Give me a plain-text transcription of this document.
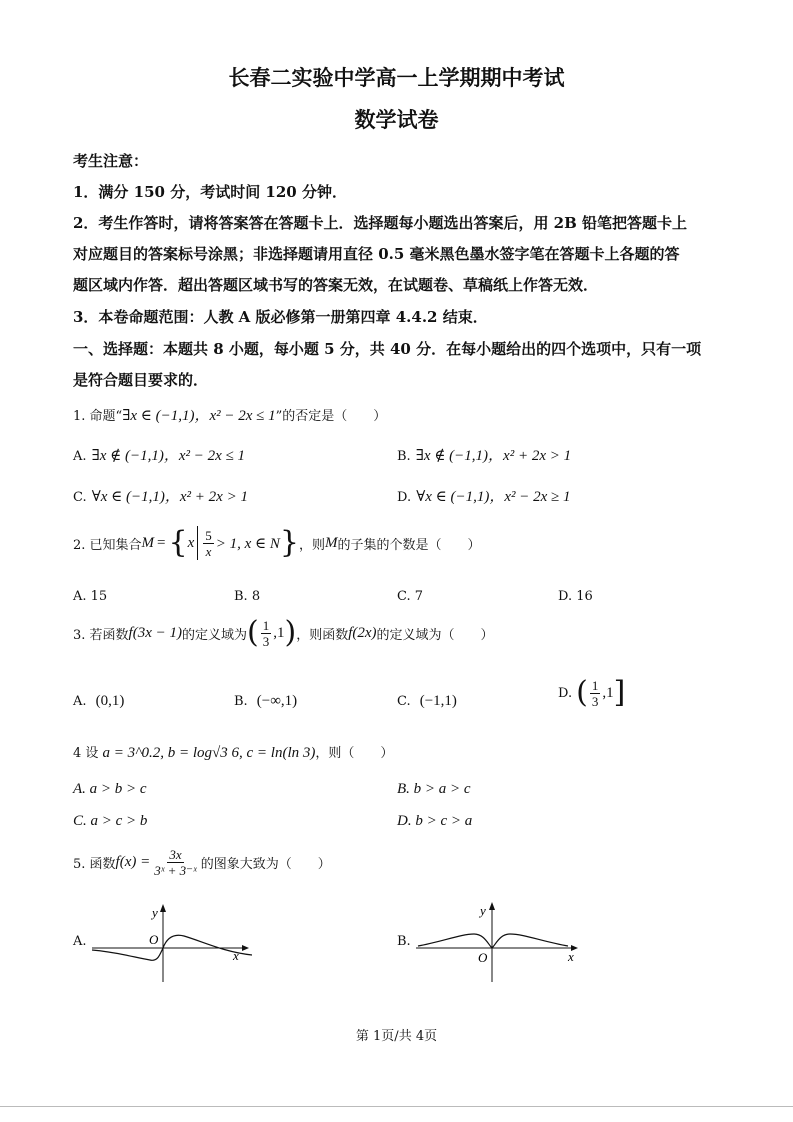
长春二实验中学高一上学期期中考试
数学试卷
考生注意：
1．满分 150 分，考试时间 120 分钟．
2．考生作答时，请将答案答在答题卡上．选择题每小题选出答案后，用 2B 铅笔把答题卡上
对应题目的答案标号涂黑；非选择题请用直径 0.5 毫米黑色墨水签字笔在答题卡上各题的答
题区域内作答．超出答题区域书写的答案无效，在试题卷、草稿纸上作答无效．
3．本卷命题范围：人教 A 版必修第一册第四章 4.4.2 结束．
一、选择题：本题共 8 小题，每小题 5 分，共 40 分．在每小题给出的四个选项中，只有一项
是符合题目要求的．
1. 命题“∃x ∈ (−1,1)，x² − 2x ≤ 1”的否定是（　　）
A. ∃x ∉ (−1,1)，x² − 2x ≤ 1	B. ∃x ∉ (−1,1)，x² + 2x > 1
C. ∀x ∈ (−1,1)，x² + 2x > 1	D. ∀x ∈ (−1,1)，x² − 2x ≥ 1
2. 已知集合 M = { x $\frac{5}{x} > 1$, x ∈ N } ，则 M 的子集的个数是（　　）
A. 15	B. 8	C. 7	D. 16
3. 若函数 f(3x − 1) 的定义域为 ( $\frac{1}{3} ,1$ ) ，则函数 f(2x) 的定义域为（　　）
A. (0,1)	B. (−∞,1)	C. (−1,1)	D. ( $\frac{1}{3} ,1$ ]
4 设 a = 3^0.2, b = log√3 6, c = ln(ln 3)，则（　　）
A. a > b > c	B. b > a > c
C. a > c > b	D. b > c > a
5. 函数 $f(x) = \frac{3x}{\text{3ˣ + 3⁻ˣ}}$ 的图象大致为（　　）
A.	O
y
x
B.
O
y
x
第 1页/共 4页
